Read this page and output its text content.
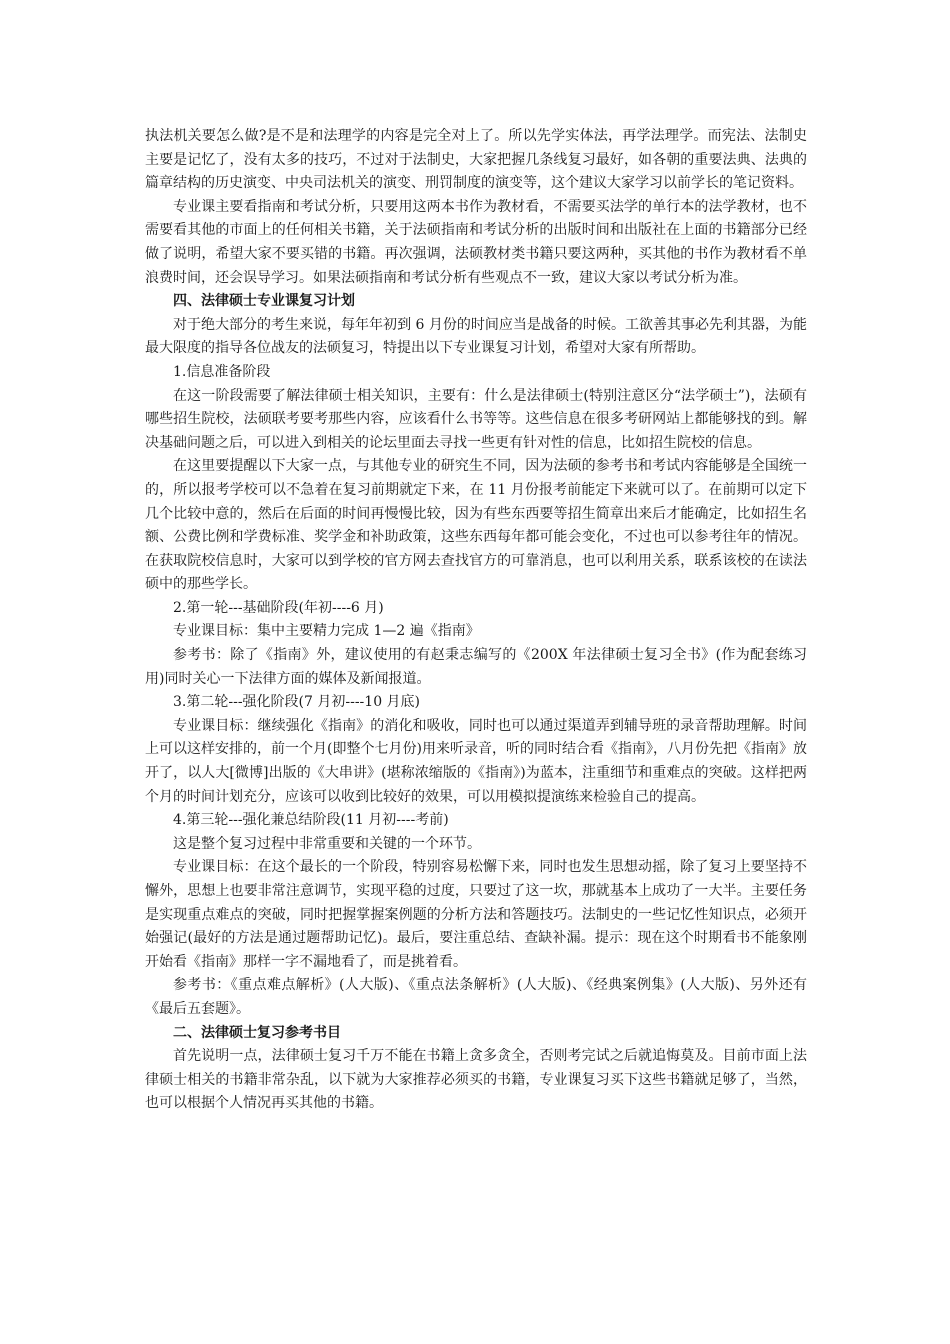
执法机关要怎么做?是不是和法理学的内容是完全对上了。所以先学实体法，再学法理学。而宪法、法制史主要是记忆了，没有太多的技巧，不过对于法制史，大家把握几条线复习最好，如各朝的重要法典、法典的篇章结构的历史演变、中央司法机关的演变、刑罚制度的演变等，这个建议大家学习以前学长的笔记资料。

专业课主要看指南和考试分析，只要用这两本书作为教材看，不需要买法学的单行本的法学教材，也不需要看其他的市面上的任何相关书籍，关于法硕指南和考试分析的出版时间和出版社在上面的书籍部分已经做了说明，希望大家不要买错的书籍。再次强调，法硕教材类书籍只要这两种，买其他的书作为教材看不单浪费时间，还会误导学习。如果法硕指南和考试分析有些观点不一致，建议大家以考试分析为准。

四、法律硕士专业课复习计划

对于绝大部分的考生来说，每年年初到 6 月份的时间应当是战备的时候。工欲善其事必先利其器，为能最大限度的指导各位战友的法硕复习，特提出以下专业课复习计划，希望对大家有所帮助。

1.信息准备阶段

在这一阶段需要了解法律硕士相关知识，主要有：什么是法律硕士(特别注意区分“法学硕士”)，法硕有哪些招生院校，法硕联考要考那些内容，应该看什么书等等。这些信息在很多考研网站上都能够找的到。解决基础问题之后，可以进入到相关的论坛里面去寻找一些更有针对性的信息，比如招生院校的信息。

在这里要提醒以下大家一点，与其他专业的研究生不同，因为法硕的参考书和考试内容能够是全国统一的，所以报考学校可以不急着在复习前期就定下来，在 11 月份报考前能定下来就可以了。在前期可以定下几个比较中意的，然后在后面的时间再慢慢比较，因为有些东西要等招生简章出来后才能确定，比如招生名额、公费比例和学费标准、奖学金和补助政策，这些东西每年都可能会变化，不过也可以参考往年的情况。在获取院校信息时，大家可以到学校的官方网去查找官方的可靠消息，也可以利用关系，联系该校的在读法硕中的那些学长。

2.第一轮---基础阶段(年初----6 月)

专业课目标：集中主要精力完成 1—2 遍《指南》

参考书：除了《指南》外，建议使用的有赵秉志编写的《200X 年法律硕士复习全书》(作为配套练习用)同时关心一下法律方面的媒体及新闻报道。

3.第二轮---强化阶段(7 月初----10 月底)

专业课目标：继续强化《指南》的消化和吸收，同时也可以通过渠道弄到辅导班的录音帮助理解。时间上可以这样安排的，前一个月(即整个七月份)用来听录音，听的同时结合看《指南》，八月份先把《指南》放开了，以人大[微博]出版的《大串讲》(堪称浓缩版的《指南》)为蓝本，注重细节和重难点的突破。这样把两个月的时间计划充分，应该可以收到比较好的效果，可以用模拟提演练来检验自己的提高。

4.第三轮---强化兼总结阶段(11 月初----考前)

这是整个复习过程中非常重要和关键的一个环节。

专业课目标：在这个最长的一个阶段，特别容易松懈下来，同时也发生思想动摇，除了复习上要坚持不懈外，思想上也要非常注意调节，实现平稳的过度，只要过了这一坎，那就基本上成功了一大半。主要任务是实现重点难点的突破，同时把握掌握案例题的分析方法和答题技巧。法制史的一些记忆性知识点，必须开始强记(最好的方法是通过题帮助记忆)。最后，要注重总结、查缺补漏。提示：现在这个时期看书不能象刚开始看《指南》那样一字不漏地看了，而是挑着看。

参考书：《重点难点解析》(人大版)、《重点法条解析》(人大版)、《经典案例集》(人大版)、另外还有《最后五套题》。

二、法律硕士复习参考书目

首先说明一点，法律硕士复习千万不能在书籍上贪多贪全，否则考完试之后就追悔莫及。目前市面上法律硕士相关的书籍非常杂乱，以下就为大家推荐必须买的书籍，专业课复习买下这些书籍就足够了，当然，也可以根据个人情况再买其他的书籍。
